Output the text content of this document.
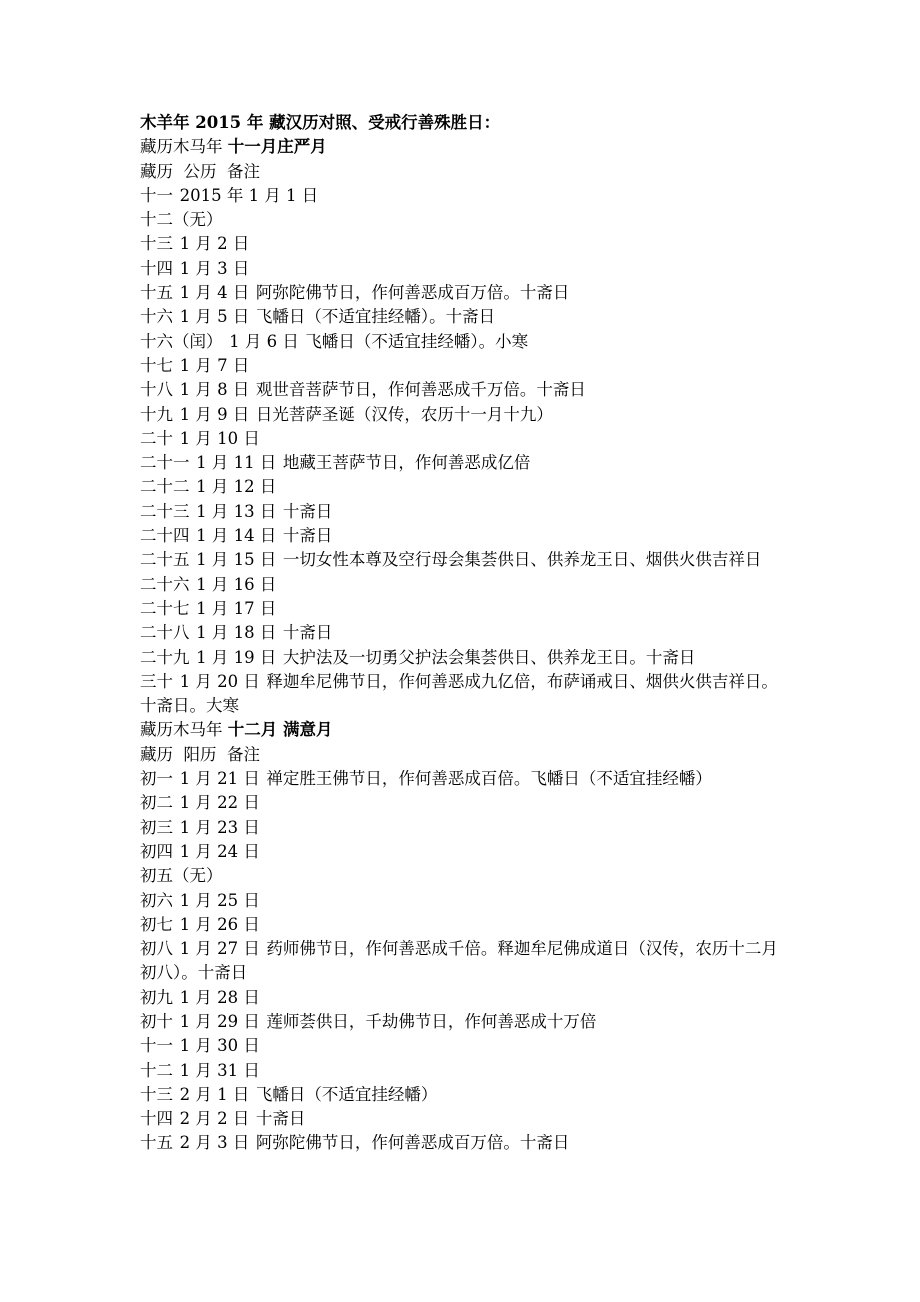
木羊年 2015 年 藏汉历对照、受戒行善殊胜日：
藏历木马年 十一月庄严月
藏历  公历  备注
十一 2015 年 1 月 1 日
十二（无）
十三 1 月 2 日
十四 1 月 3 日
十五 1 月 4 日 阿弥陀佛节日，作何善恶成百万倍。十斋日
十六 1 月 5 日 飞幡日（不适宜挂经幡）。十斋日
十六（闰） 1 月 6 日 飞幡日（不适宜挂经幡）。小寒
十七 1 月 7 日
十八 1 月 8 日 观世音菩萨节日，作何善恶成千万倍。十斋日
十九 1 月 9 日 日光菩萨圣诞（汉传，农历十一月十九）
二十 1 月 10 日
二十一 1 月 11 日 地藏王菩萨节日，作何善恶成亿倍
二十二 1 月 12 日
二十三 1 月 13 日 十斋日
二十四 1 月 14 日 十斋日
二十五 1 月 15 日 一切女性本尊及空行母会集荟供日、供养龙王日、烟供火供吉祥日
二十六 1 月 16 日
二十七 1 月 17 日
二十八 1 月 18 日 十斋日
二十九 1 月 19 日 大护法及一切勇父护法会集荟供日、供养龙王日。十斋日
三十 1 月 20 日 释迦牟尼佛节日，作何善恶成九亿倍，布萨诵戒日、烟供火供吉祥日。十斋日。大寒
藏历木马年 十二月 满意月
藏历  阳历  备注
初一 1 月 21 日 禅定胜王佛节日，作何善恶成百倍。飞幡日（不适宜挂经幡）
初二 1 月 22 日
初三 1 月 23 日
初四 1 月 24 日
初五（无）
初六 1 月 25 日
初七 1 月 26 日
初八 1 月 27 日 药师佛节日，作何善恶成千倍。释迦牟尼佛成道日（汉传，农历十二月初八）。十斋日
初九 1 月 28 日
初十 1 月 29 日 莲师荟供日，千劫佛节日，作何善恶成十万倍
十一 1 月 30 日
十二 1 月 31 日
十三 2 月 1 日 飞幡日（不适宜挂经幡）
十四 2 月 2 日 十斋日
十五 2 月 3 日 阿弥陀佛节日，作何善恶成百万倍。十斋日
